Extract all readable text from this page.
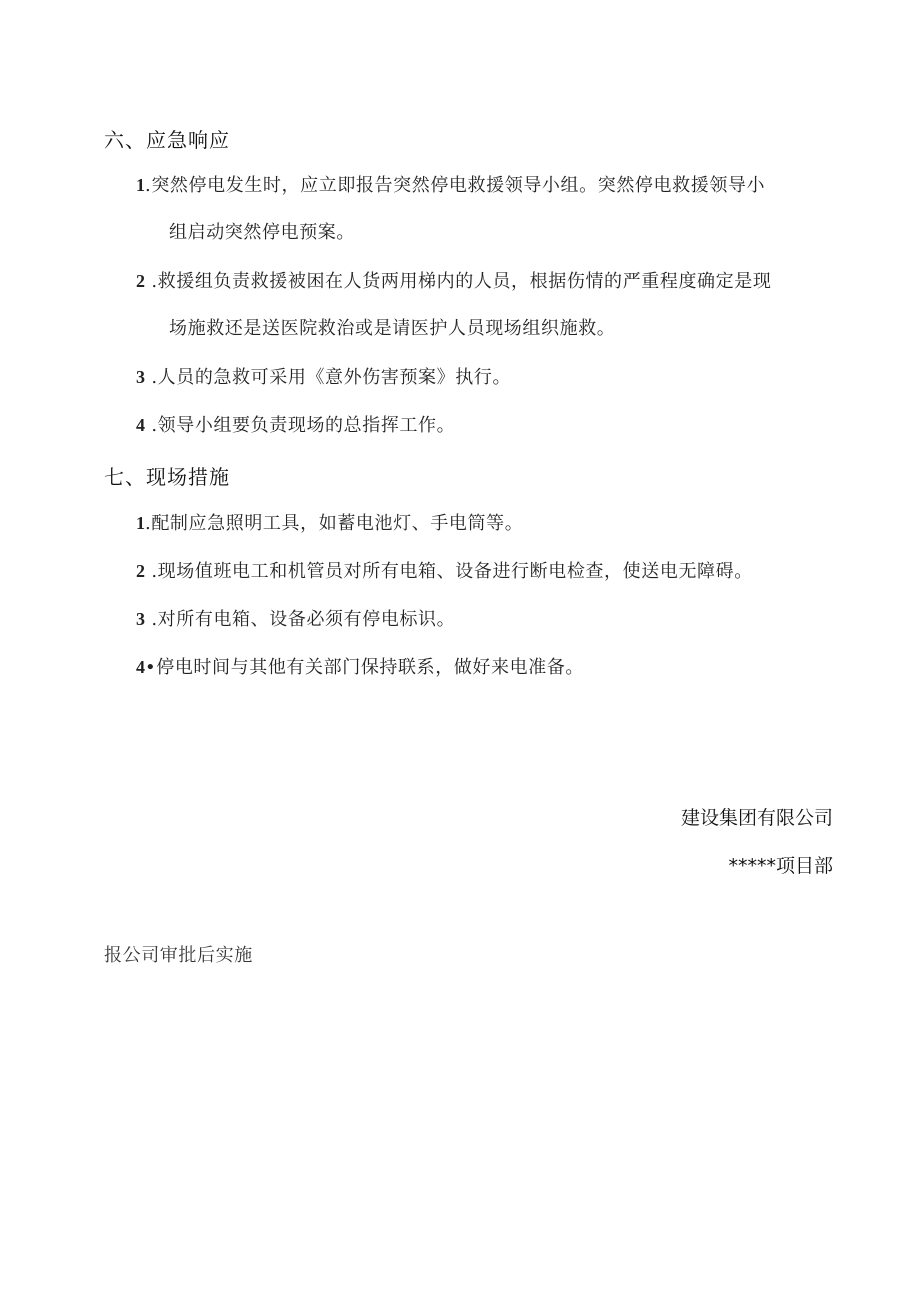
六、应急响应
1.突然停电发生时，应立即报告突然停电救援领导小组。突然停电救援领导小
组启动突然停电预案。
2 .救援组负责救援被困在人货两用梯内的人员，根据伤情的严重程度确定是现
场施救还是送医院救治或是请医护人员现场组织施救。
3 .人员的急救可采用《意外伤害预案》执行。
4 .领导小组要负责现场的总指挥工作。
七、现场措施
1.配制应急照明工具，如蓄电池灯、手电筒等。
2 .现场值班电工和机管员对所有电箱、设备进行断电检查，使送电无障碍。
3 .对所有电箱、设备必须有停电标识。
4•停电时间与其他有关部门保持联系，做好来电准备。
建设集团有限公司
*****项目部
报公司审批后实施
